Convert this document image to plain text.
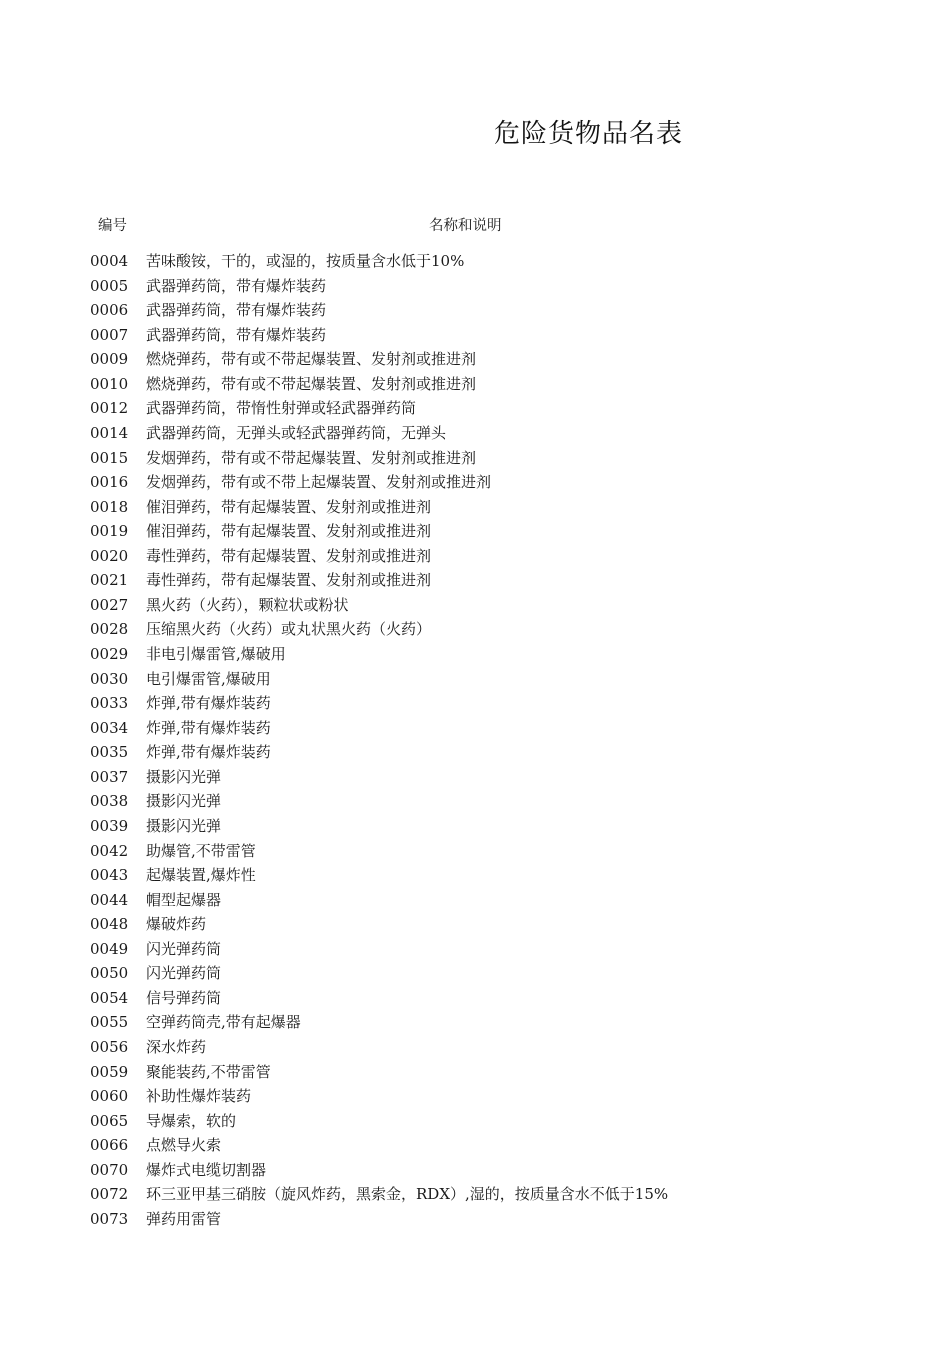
危险货物品名表
编号	名称和说明
0004 苦味酸铵，干的，或湿的，按质量含水低于10%
0005 武器弹药筒，带有爆炸装药
0006 武器弹药筒，带有爆炸装药
0007 武器弹药筒，带有爆炸装药
0009 燃烧弹药，带有或不带起爆装置、发射剂或推进剂
0010 燃烧弹药，带有或不带起爆装置、发射剂或推进剂
0012 武器弹药筒，带惰性射弹或轻武器弹药筒
0014 武器弹药筒，无弹头或轻武器弹药筒，无弹头
0015 发烟弹药，带有或不带起爆装置、发射剂或推进剂
0016 发烟弹药，带有或不带上起爆装置、发射剂或推进剂
0018 催泪弹药，带有起爆装置、发射剂或推进剂
0019 催泪弹药，带有起爆装置、发射剂或推进剂
0020 毒性弹药，带有起爆装置、发射剂或推进剂
0021 毒性弹药，带有起爆装置、发射剂或推进剂
0027 黑火药（火药），颗粒状或粉状
0028 压缩黑火药（火药）或丸状黑火药（火药）
0029 非电引爆雷管,爆破用
0030 电引爆雷管,爆破用
0033 炸弹,带有爆炸装药
0034 炸弹,带有爆炸装药
0035 炸弹,带有爆炸装药
0037 摄影闪光弹
0038 摄影闪光弹
0039 摄影闪光弹
0042 助爆管,不带雷管
0043 起爆装置,爆炸性
0044 帽型起爆器
0048 爆破炸药
0049 闪光弹药筒
0050 闪光弹药筒
0054 信号弹药筒
0055 空弹药筒壳,带有起爆器
0056 深水炸药
0059 聚能装药,不带雷管
0060 补助性爆炸装药
0065 导爆索，软的
0066 点燃导火索
0070 爆炸式电缆切割器
0072 环三亚甲基三硝胺（旋风炸药，黑索金，RDX）,湿的，按质量含水不低于15%
0073 弹药用雷管
